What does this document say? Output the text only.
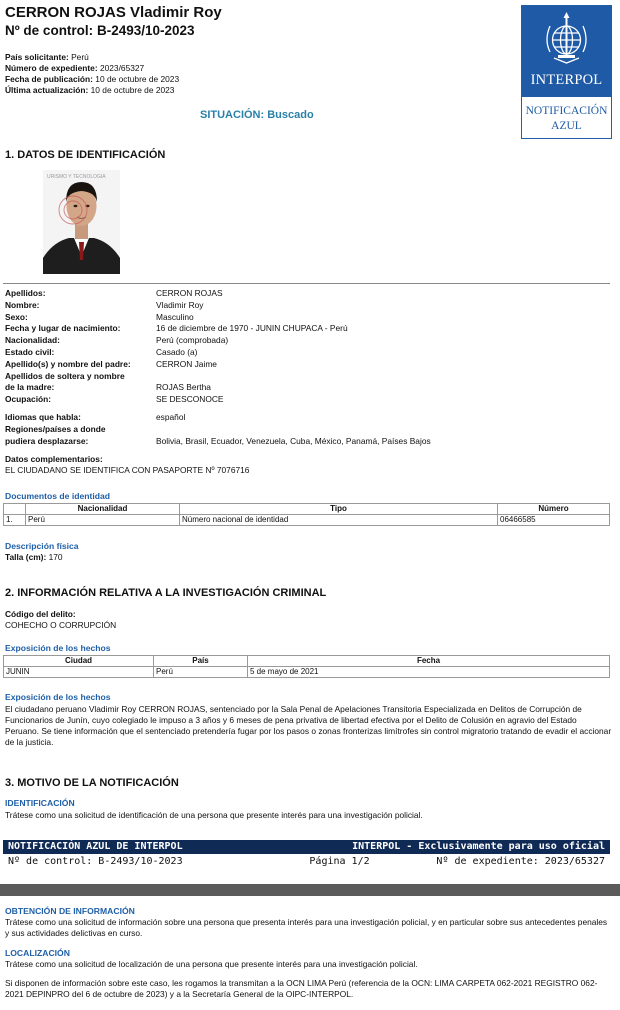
CERRON ROJAS Vladimir Roy
Nº de control: B-2493/10-2023
País solicitante: Perú
Número de expediente: 2023/65327
Fecha de publicación: 10 de octubre de 2023
Última actualización: 10 de octubre de 2023
SITUACIÓN: Buscado
INTERPOL
NOTIFICACIÓN
AZUL
1. DATOS DE IDENTIFICACIÓN
URISMO Y TECNOLOGIA
Apellidos:	CERRON ROJAS
Nombre:	Vladimir Roy
Sexo:	Masculino
Fecha y lugar de nacimiento:	16 de diciembre de 1970 - JUNIN CHUPACA - Perú
Nacionalidad:	Perú (comprobada)
Estado civil:	Casado (a)
Apellido(s) y nombre del padre:	CERRON Jaime
Apellidos de soltera y nombre
de la madre:	ROJAS Bertha
Ocupación:	SE DESCONOCE
Idiomas que habla:	español
Regiones/países a donde
pudiera desplazarse:	Bolivia, Brasil, Ecuador, Venezuela, Cuba, México, Panamá, Países Bajos
Datos complementarios:
EL CIUDADANO SE IDENTIFICA CON PASAPORTE Nº 7076716
Documentos de identidad
	Nacionalidad	Tipo	Número
1.	Perú	Número nacional de identidad	06466585
Descripción física
Talla (cm): 170
2. INFORMACIÓN RELATIVA A LA INVESTIGACIÓN CRIMINAL
Código del delito:
COHECHO O CORRUPCIÓN
Exposición de los hechos
Ciudad	País	Fecha
JUNIN	Perú	5 de mayo de 2021
Exposición de los hechos
El ciudadano peruano Vladimir Roy CERRON ROJAS, sentenciado por la Sala Penal de Apelaciones Transitoria Especializada en Delitos de Corrupción de Funcionarios de Junín, cuyo colegiado le impuso a 3 años y 6 meses de pena privativa de libertad efectiva por el Delito de Colusión en agravio del Estado Peruano. Se tiene información que el sentenciado pretendería fugar por los pasos o zonas fronterizas limítrofes sin control migratorio tratando de evadir el accionar de la justicia.
3. MOTIVO DE LA NOTIFICACIÓN
IDENTIFICACIÓN
Trátese como una solicitud de identificación de una persona que presente interés para una investigación policial.
NOTIFICACIÓN AZUL DE INTERPOL	INTERPOL - Exclusivamente para uso oficial
Nº de control: B-2493/10-2023	Página 1/2	Nº de expediente: 2023/65327
OBTENCIÓN DE INFORMACIÓN
Trátese como una solicitud de información sobre una persona que presenta interés para una investigación policial, y en particular sobre sus antecedentes penales y sus actividades delictivas en curso.
LOCALIZACIÓN
Trátese como una solicitud de localización de una persona que presente interés para una investigación policial.
Si disponen de información sobre este caso, les rogamos la transmitan a la OCN LIMA Perú (referencia de la OCN: LIMA CARPETA 062-2021 REGISTRO 062-2021 DEPINPRO del 6 de octubre de 2023) y a la Secretaría General de la OIPC-INTERPOL.
